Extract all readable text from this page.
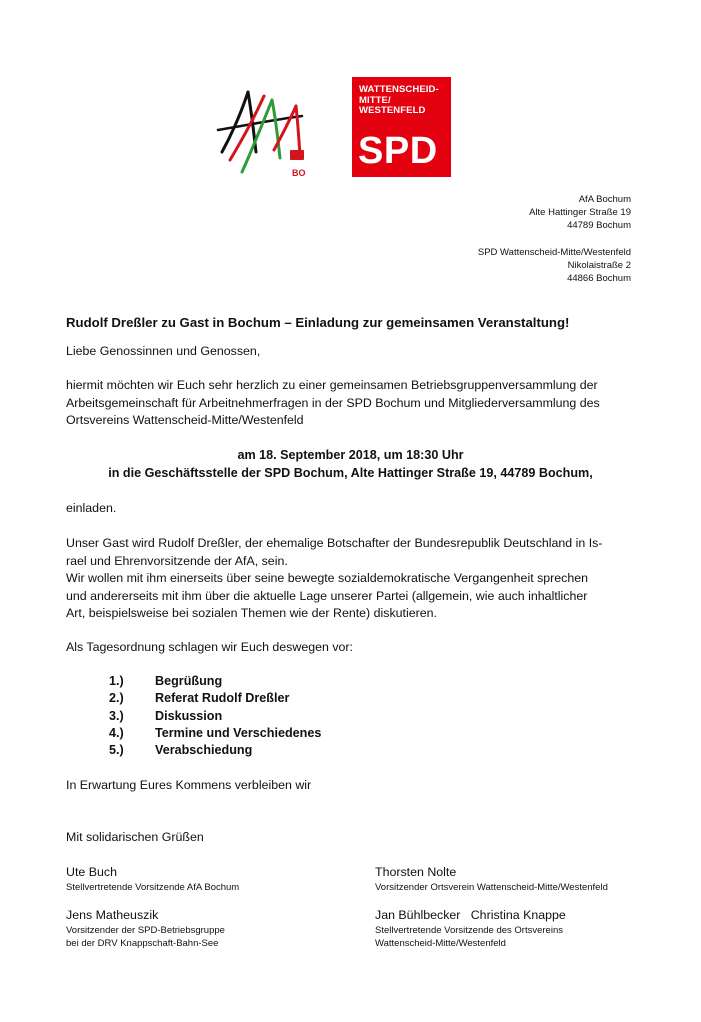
BO
WATTENSCHEID-
MITTE/
WESTENFELD
SPD
AfA Bochum
Alte Hattinger Straße 19
44789 Bochum
SPD Wattenscheid-Mitte/Westenfeld
Nikolaistraße 2
44866 Bochum
Rudolf Dreßler zu Gast in Bochum – Einladung zur gemeinsamen Veranstaltung!
Liebe Genossinnen und Genossen,
hiermit möchten wir Euch sehr herzlich zu einer gemeinsamen Betriebsgruppenversammlung der
Arbeitsgemeinschaft für Arbeitnehmerfragen in der SPD Bochum und Mitgliederversammlung des
Ortsvereins Wattenscheid-Mitte/Westenfeld
am 18. September 2018, um 18:30 Uhr
in die Geschäftsstelle der SPD Bochum, Alte Hattinger Straße 19, 44789 Bochum,
einladen.
Unser Gast wird Rudolf Dreßler, der ehemalige Botschafter der Bundesrepublik Deutschland in Is-
rael und Ehrenvorsitzende der AfA, sein.
Wir wollen mit ihm einerseits über seine bewegte sozialdemokratische Vergangenheit sprechen
und andererseits mit ihm über die aktuelle Lage unserer Partei (allgemein, wie auch inhaltlicher
Art, beispielsweise bei sozialen Themen wie der Rente) diskutieren.
Als Tagesordnung schlagen wir Euch deswegen vor:
1.)	Begrüßung
2.)	Referat Rudolf Dreßler
3.)	Diskussion
4.)	Termine und Verschiedenes
5.)	Verabschiedung
In Erwartung Eures Kommens verbleiben wir
Mit solidarischen Grüßen
Ute Buch
Stellvertretende Vorsitzende AfA Bochum
Thorsten Nolte
Vorsitzender Ortsverein Wattenscheid-Mitte/Westenfeld
Jens Matheuszik
Vorsitzender der SPD-Betriebsgruppe
bei der DRV Knappschaft-Bahn-See
Jan Bühlbecker   Christina Knappe
Stellvertretende Vorsitzende des Ortsvereins
Wattenscheid-Mitte/Westenfeld
